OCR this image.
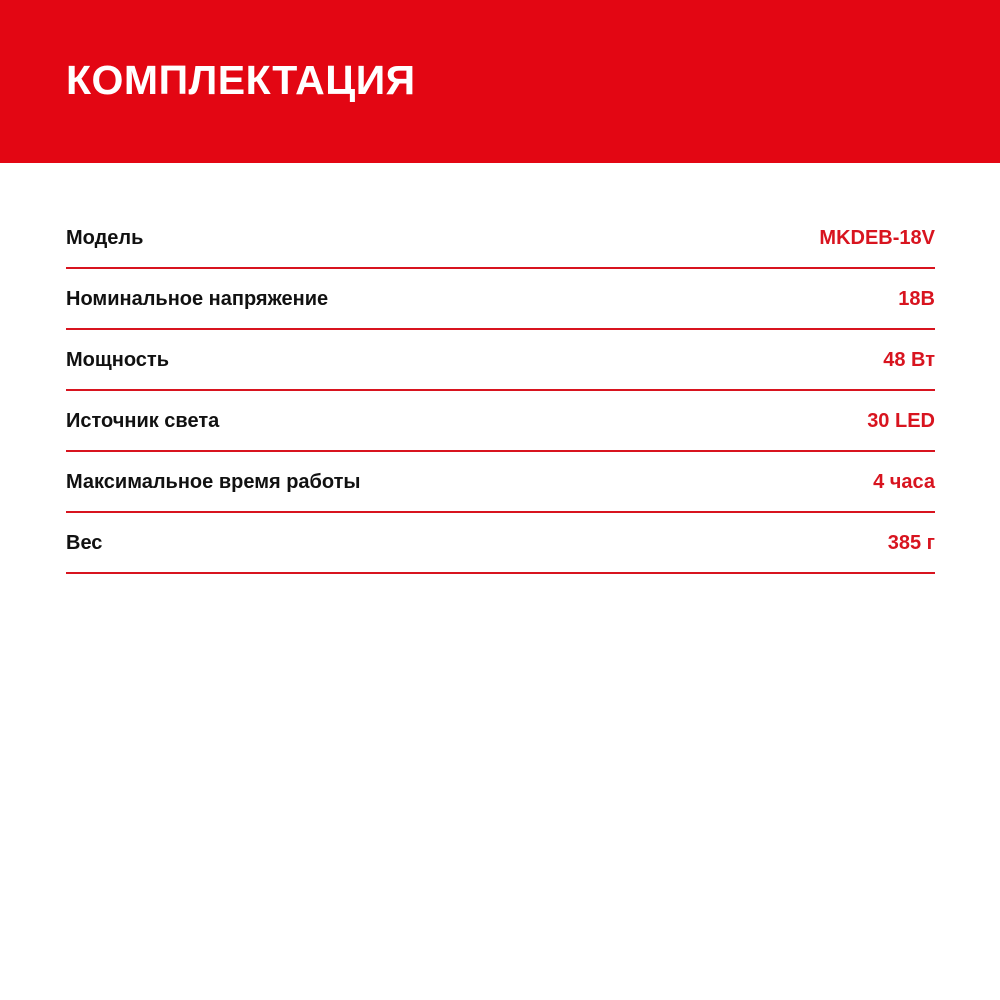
КОМПЛЕКТАЦИЯ
Модель	MKDEB-18V
Номинальное напряжение	18В
Мощность	48 Вт
Источник света	30 LED
Максимальное время работы	4 часа
Вес	385 г
